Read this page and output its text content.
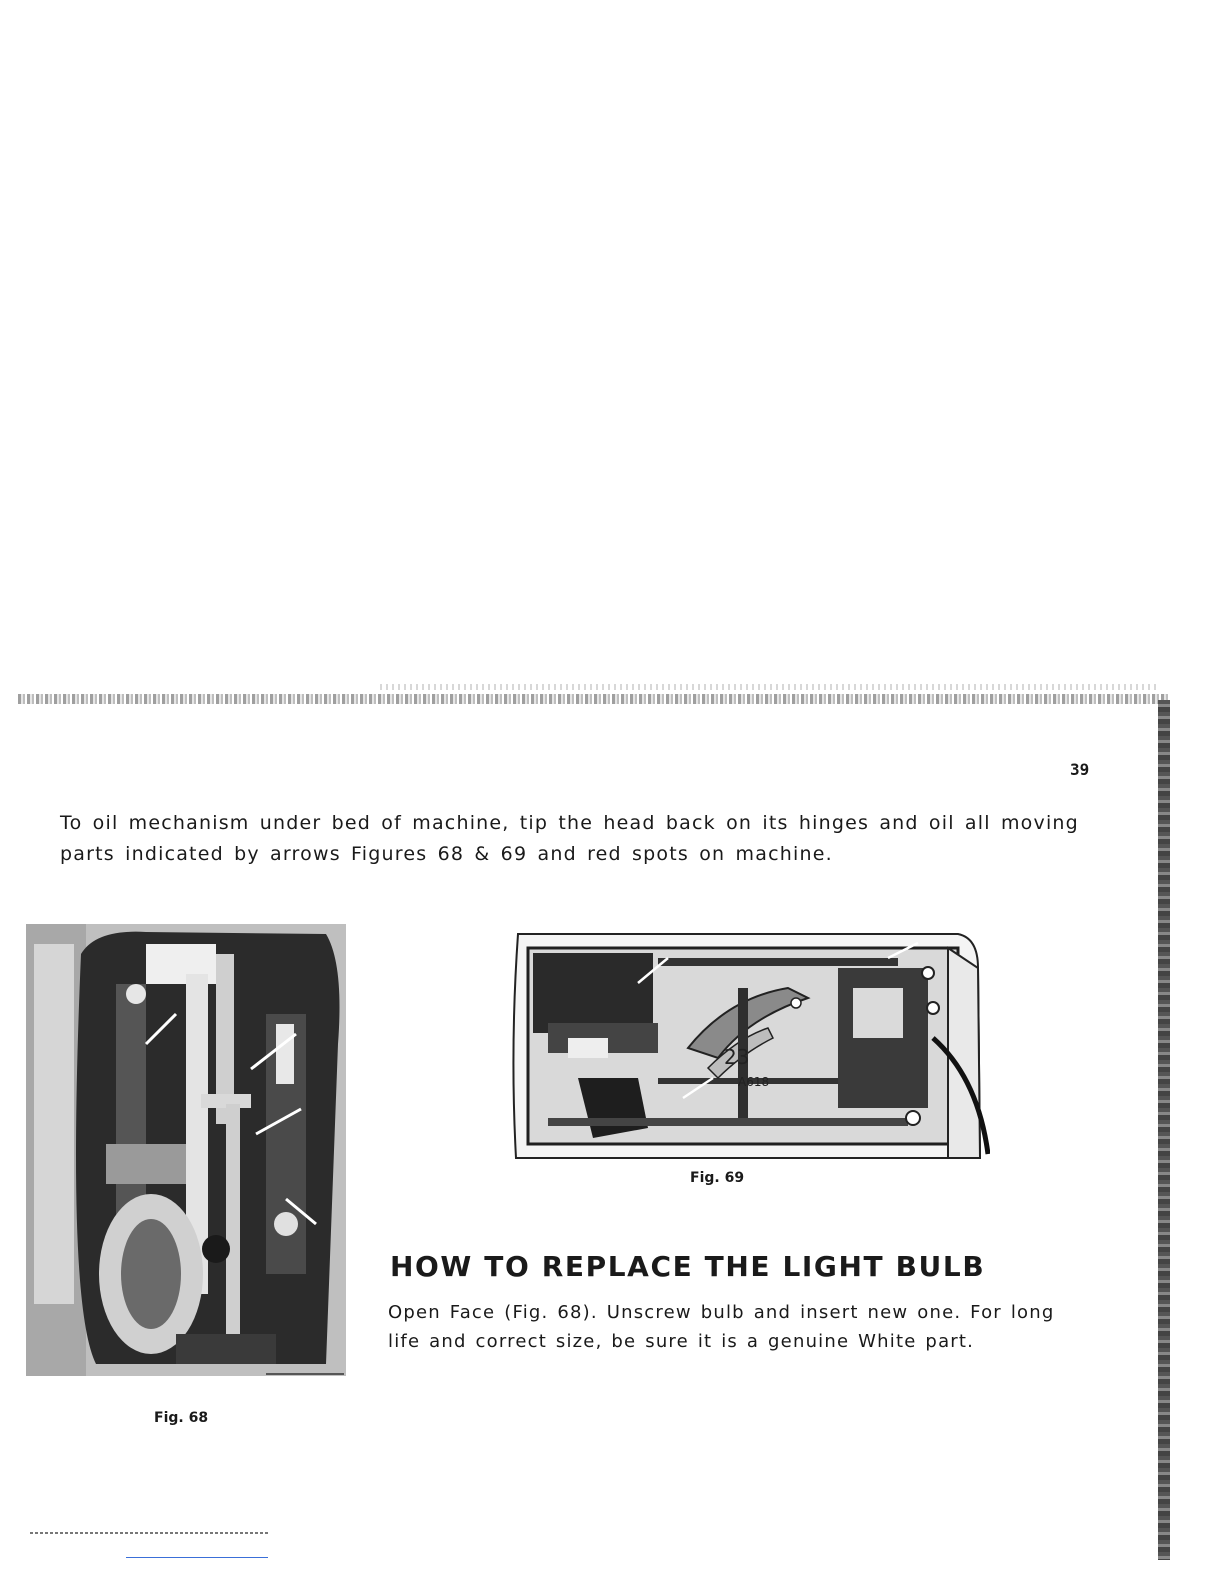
39

To oil mechanism under bed of machine, tip the head back on its hinges and oil all moving parts indicated by arrows Figures 68 & 69 and red spots on machine.

Fig. 68
23
A618
Fig. 69
HOW TO REPLACE THE LIGHT BULB

Open Face (Fig. 68). Unscrew bulb and insert new one. For long life and correct size, be sure it is a genuine White part.
